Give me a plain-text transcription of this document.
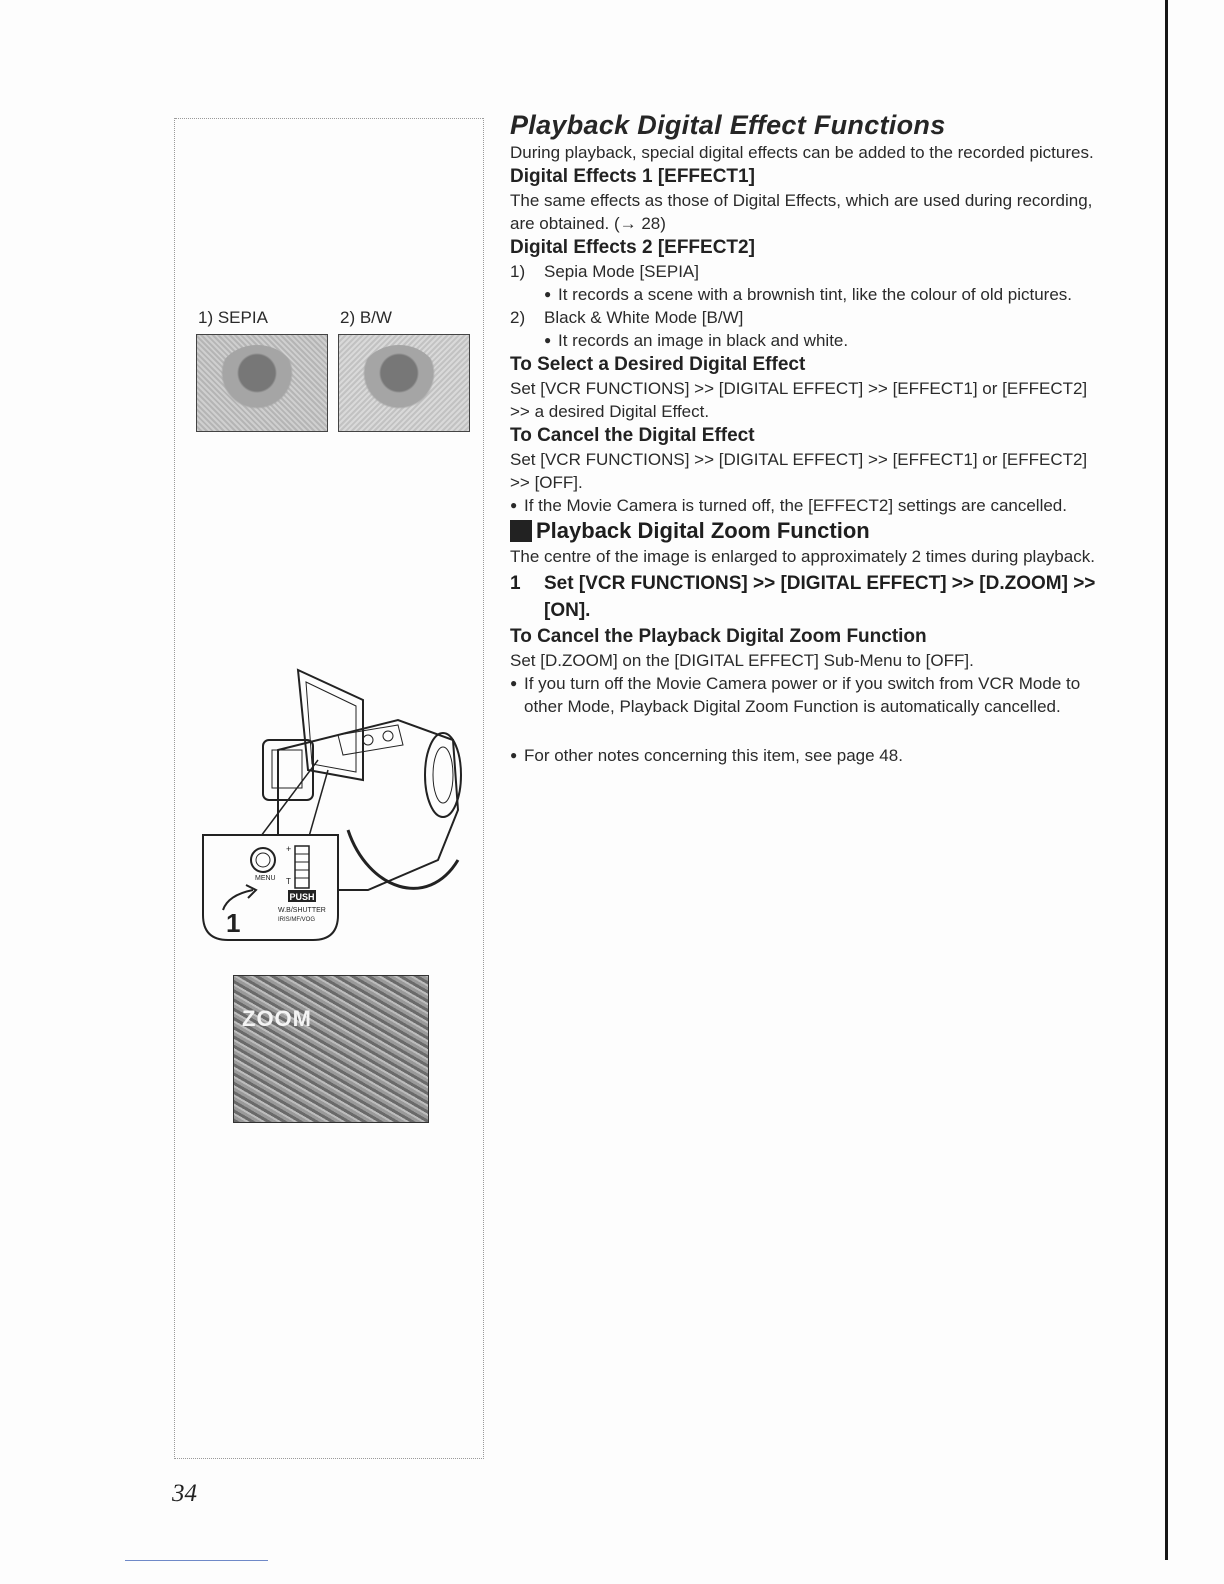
1) SEPIA	2) B/W
PUSH
MENU
+
T
W.B/SHUTTER
IRIS/MF/VOG
1
ZOOM

Playback Digital Effect Functions

During playback, special digital effects can be added to the recorded pictures.

Digital Effects 1 [EFFECT1]

The same effects as those of Digital Effects, which are used during recording, are obtained. (→ 28)

Digital Effects 2 [EFFECT2]

1)	Sepia Mode [SEPIA]
● It records a scene with a brownish tint, like the colour of old pictures.
2)	Black & White Mode [B/W]
● It records an image in black and white.

To Select a Desired Digital Effect

Set [VCR FUNCTIONS] >> [DIGITAL EFFECT] >> [EFFECT1] or [EFFECT2] >> a desired Digital Effect.

To Cancel the Digital Effect

Set [VCR FUNCTIONS] >> [DIGITAL EFFECT] >> [EFFECT1] or [EFFECT2] >> [OFF].

● If the Movie Camera is turned off, the [EFFECT2] settings are cancelled.

Playback Digital Zoom Function

The centre of the image is enlarged to approximately 2 times during playback.

1	Set [VCR FUNCTIONS] >> [DIGITAL EFFECT] >> [D.ZOOM] >> [ON].

To Cancel the Playback Digital Zoom Function

Set [D.ZOOM] on the [DIGITAL EFFECT] Sub-Menu to [OFF].

● If you turn off the Movie Camera power or if you switch from VCR Mode to other Mode, Playback Digital Zoom Function is automatically cancelled.
● For other notes concerning this item, see page 48.
34
